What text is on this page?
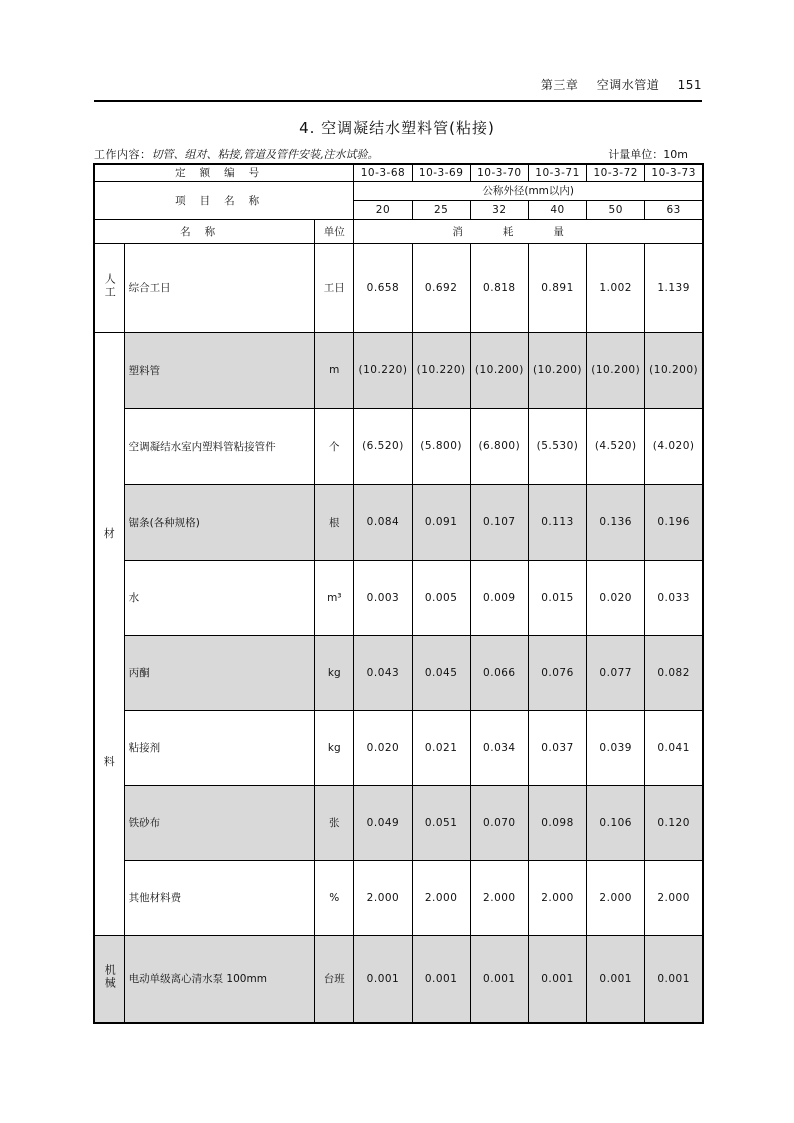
第三章 空调水管道 151
4. 空调凝结水塑料管(粘接)
工作内容：切管、组对、粘接,管道及管件安装,注水试验。	计量单位：10m
定额编号			10-3-68	10-3-69	10-3-70	10-3-71	10-3-72	10-3-73
项目名称			公称外径(mm以内)					
			20	25	32	40	50	63
名称		单位	消耗量					
人工	综合工日	工日	0.658	0.692	0.818	0.891	1.002	1.139

材
料	塑料管	m	(10.220)	(10.220)	(10.200)	(10.200)	(10.200)	(10.200)
	空调凝结水室内塑料管粘接管件	个	(6.520)	(5.800)	(6.800)	(5.530)	(4.520)	(4.020)
	锯条(各种规格)	根	0.084	0.091	0.107	0.113	0.136	0.196
	水	m³	0.003	0.005	0.009	0.015	0.020	0.033
	丙酮	kg	0.043	0.045	0.066	0.076	0.077	0.082
	粘接剂	kg	0.020	0.021	0.034	0.037	0.039	0.041
	铁砂布	张	0.049	0.051	0.070	0.098	0.106	0.120
	其他材料费	%	2.000	2.000	2.000	2.000	2.000	2.000
机械	电动单级离心清水泵 100mm	台班	0.001	0.001	0.001	0.001	0.001	0.001
